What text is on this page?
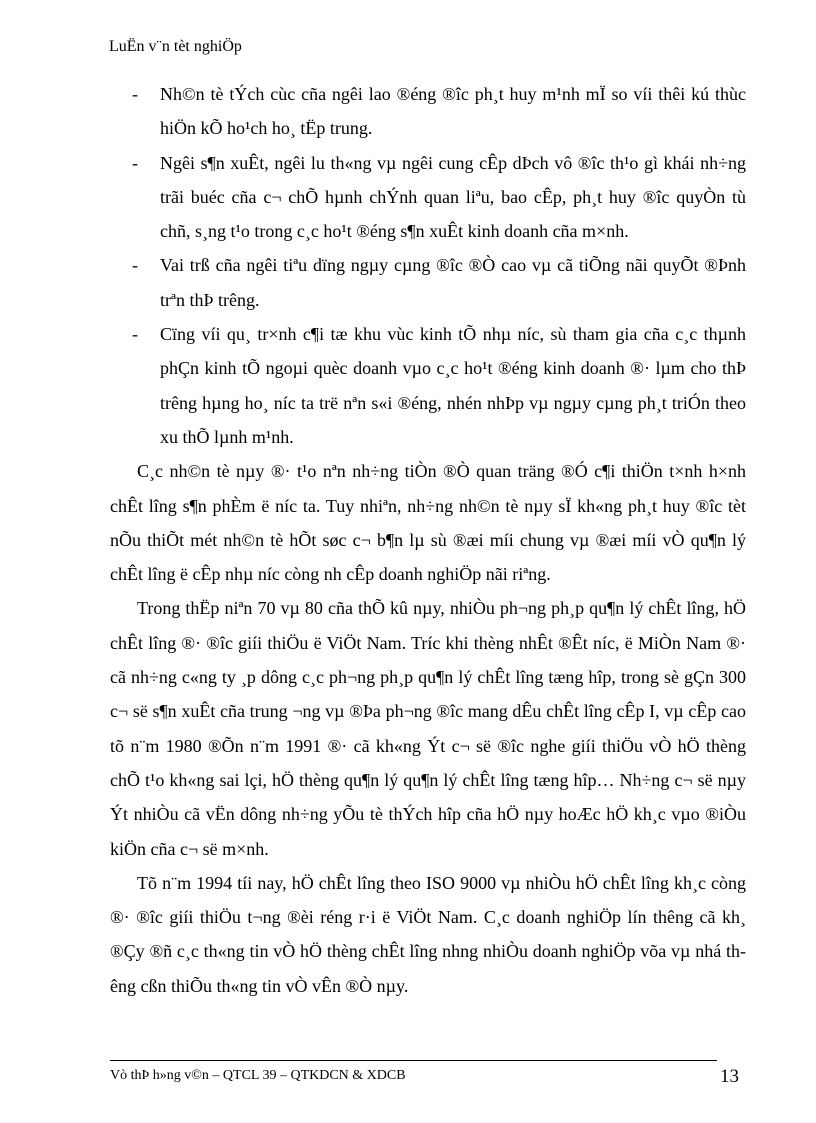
LuËn v¨n tèt nghiÖp

- Nh©n tè tÝch cùc cña ngêi lao ®éng ®îc ph¸t huy m¹nh mÏ so víi thêi kú thùc hiÖn kÕ ho¹ch ho¸ tËp trung.

- Ngêi s¶n xuÊt, ngêi lu th«ng vµ ngêi cung cÊp dÞch vô ®îc th¹o gì khái nh÷ng trãi buéc cña c¬ chÕ hµnh chÝnh quan liªu, bao cÊp, ph¸t huy ®îc quyÒn tù chñ, s¸ng t¹o trong c¸c ho¹t ®éng s¶n xuÊt kinh doanh cña m×nh.

- Vai trß cña ngêi tiªu dïng ngµy cµng ®îc ®Ò cao vµ cã tiÕng nãi quyÕt ®Þnh trªn thÞ trêng.

- Cïng víi qu¸ tr×nh c¶i tæ khu vùc kinh tÕ nhµ níc, sù tham gia cña c¸c thµnh phÇn kinh tÕ ngoµi quèc doanh vµo c¸c ho¹t ®éng kinh doanh ®· lµm cho thÞ trêng hµng ho¸ níc ta trë nªn s«i ®éng, nhén nhÞp vµ ngµy cµng ph¸t triÓn theo xu thÕ lµnh m¹nh.

C¸c nh©n tè nµy ®· t¹o nªn nh÷ng tiÒn ®Ò quan träng ®Ó c¶i thiÖn t×nh h×nh chÊt lîng s¶n phÈm ë níc ta. Tuy nhiªn, nh÷ng nh©n tè nµy sÏ kh«ng ph¸t huy ®îc tèt nÕu thiÕt mét nh©n tè hÕt søc c¬ b¶n lµ sù ®æi míi chung vµ ®æi míi vÒ qu¶n lý chÊt lîng ë cÊp nhµ níc còng nh cÊp doanh nghiÖp nãi riªng.

Trong thËp niªn 70 vµ 80 cña thÕ kû nµy, nhiÒu ph¬ng ph¸p qu¶n lý chÊt lîng, hÖ chÊt lîng ®· ®îc giíi thiÖu ë ViÖt Nam. Tríc khi thèng nhÊt ®Êt níc, ë MiÒn Nam ®· cã nh÷ng c«ng ty ¸p dông c¸c ph¬ng ph¸p qu¶n lý chÊt lîng tæng hîp, trong sè gÇn 300 c¬ së s¶n xuÊt cña trung ¬ng vµ ®Þa ph¬ng ®îc mang dÊu chÊt lîng cÊp I, vµ cÊp cao tõ n¨m 1980 ®Õn n¨m 1991 ®· cã kh«ng Ýt c¬ së ®îc nghe giíi thiÖu vÒ hÖ thèng chÕ t¹o kh«ng sai lçi, hÖ thèng qu¶n lý qu¶n lý chÊt lîng tæng hîp… Nh÷ng c¬ së nµy Ýt nhiÒu cã vËn dông nh÷ng yÕu tè thÝch hîp cña hÖ nµy hoÆc hÖ kh¸c vµo ®iÒu kiÖn cña c¬ së m×nh.

Tõ n¨m 1994 tíi nay, hÖ chÊt lîng theo ISO 9000 vµ nhiÒu hÖ chÊt lîng kh¸c còng ®· ®îc giíi thiÖu t¬ng ®èi réng r·i ë ViÖt Nam. C¸c doanh nghiÖp lín thêng cã kh¸ ®Çy ®ñ c¸c th«ng tin vÒ hÖ thèng chÊt lîng nhng nhiÒu doanh nghiÖp võa vµ nhá thêng cßn thiÕu th«ng tin vÒ vÊn ®Ò nµy.

Vò thÞ h»ng v©n – QTCL 39 – QTKDCN & XDCB	13
